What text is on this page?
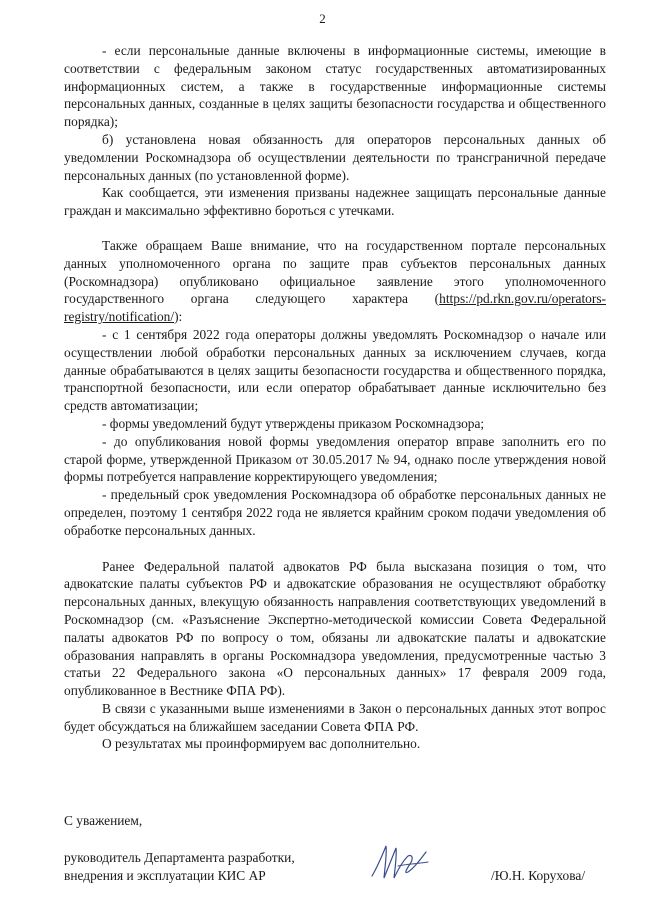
2

- если персональные данные включены в информационные системы, имеющие в соответствии с федеральным законом статус государственных автоматизированных информационных систем, а также в государственные информационные системы персональных данных, созданные в целях защиты безопасности государства и общественного порядка);

б) установлена новая обязанность для операторов персональных данных об уведомлении Роскомнадзора об осуществлении деятельности по трансграничной передаче персональных данных (по установленной форме).

Как сообщается, эти изменения призваны надежнее защищать персональные данные граждан и максимально эффективно бороться с утечками.

Также обращаем Ваше внимание, что на государственном портале персональных данных уполномоченного органа по защите прав субъектов персональных данных (Роскомнадзора) опубликовано официальное заявление этого уполномоченного государственного органа следующего характера (https://pd.rkn.gov.ru/operators-registry/notification/):

- с 1 сентября 2022 года операторы должны уведомлять Роскомнадзор о начале или осуществлении любой обработки персональных данных за исключением случаев, когда данные обрабатываются в целях защиты безопасности государства и общественного порядка, транспортной безопасности, или если оператор обрабатывает данные исключительно без средств автоматизации;

- формы уведомлений будут утверждены приказом Роскомнадзора;

- до опубликования новой формы уведомления оператор вправе заполнить его по старой форме, утвержденной Приказом от 30.05.2017 № 94, однако после утверждения новой формы потребуется направление корректирующего уведомления;

- предельный срок уведомления Роскомнадзора об обработке персональных данных не определен, поэтому 1 сентября 2022 года не является крайним сроком подачи уведомления об обработке персональных данных.

Ранее Федеральной палатой адвокатов РФ была высказана позиция о том, что адвокатские палаты субъектов РФ и адвокатские образования не осуществляют обработку персональных данных, влекущую обязанность направления соответствующих уведомлений в Роскомнадзор (см. «Разъяснение Экспертно-методической комиссии Совета Федеральной палаты адвокатов РФ по вопросу о том, обязаны ли адвокатские палаты и адвокатские образования направлять в органы Роскомнадзора уведомления, предусмотренные частью 3 статьи 22 Федерального закона «О персональных данных» 17 февраля 2009 года, опубликованное в Вестнике ФПА РФ).

В связи с указанными выше изменениями в Закон о персональных данных этот вопрос будет обсуждаться на ближайшем заседании Совета ФПА РФ.

О результатах мы проинформируем вас дополнительно.

С уважением,
руководитель Департамента разработки,
внедрения и эксплуатации КИС АР	/Ю.Н. Корухова/
